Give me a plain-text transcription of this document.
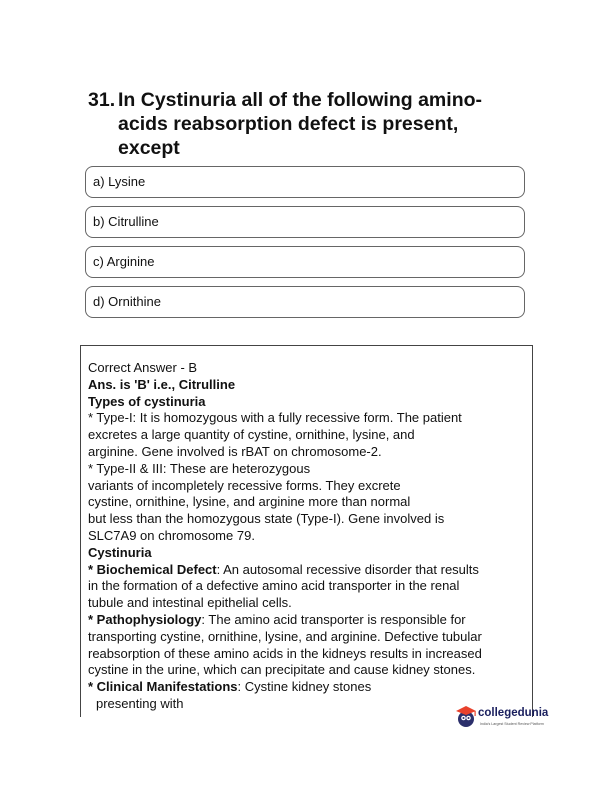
31. In Cystinuria all of the following amino-
acids reabsorption defect is present,
except
a) Lysine
b) Citrulline
c) Arginine
d) Ornithine

Correct Answer - B

Ans. is 'B' i.e., Citrulline

Types of cystinuria

* Type-I: It is homozygous with a fully recessive form. The patient
excretes a large quantity of cystine, ornithine, lysine, and
arginine. Gene involved is rBAT on chromosome-2.

* Type-II & III: These are heterozygous
variants of incompletely recessive forms. They excrete
cystine, ornithine, lysine, and arginine more than normal
but less than the homozygous state (Type-I). Gene involved is
SLC7A9 on chromosome 79.

Cystinuria

* Biochemical Defect: An autosomal recessive disorder that results
in the formation of a defective amino acid transporter in the renal
tubule and intestinal epithelial cells.

* Pathophysiology: The amino acid transporter is responsible for
transporting cystine, ornithine, lysine, and arginine. Defective tubular
reabsorption of these amino acids in the kidneys results in increased
cystine in the urine, which can precipitate and cause kidney stones.

* Clinical Manifestations: Cystine kidney stones

presenting with

collegedunia
India's Largest Student Review Platform
